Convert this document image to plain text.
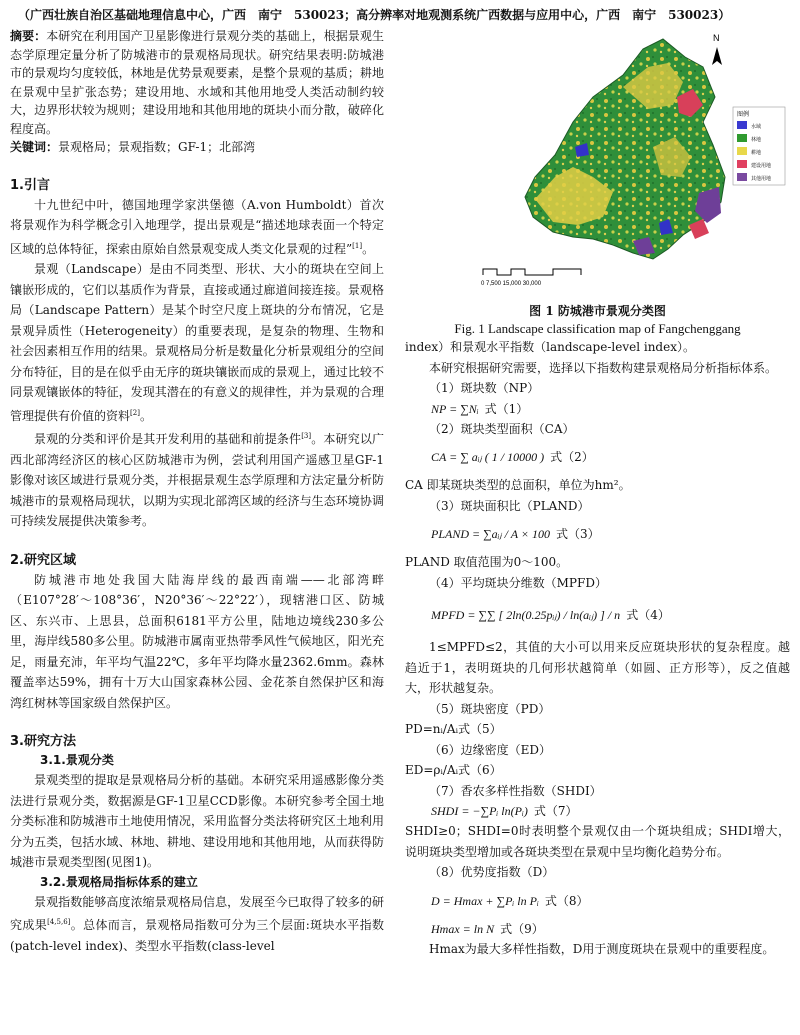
（广西壮族自治区基础地理信息中心，广西　南宁　530023；高分辨率对地观测系统广西数据与应用中心，广西　南宁　530023）

摘要：本研究在利用国产卫星影像进行景观分类的基础上，根据景观生态学原理定量分析了防城港市的景观格局现状。研究结果表明:防城港市的景观均匀度较低，林地是优势景观要素，是整个景观的基质；耕地在景观中呈扩张态势；建设用地、水域和其他用地受人类活动制约较大，边界形状较为规则；建设用地和其他用地的斑块小而分散，破碎化程度高。

关键词：景观格局；景观指数；GF-1；北部湾

1.引言

十九世纪中叶，德国地理学家洪堡德（A.von Humboldt）首次将景观作为科学概念引入地理学，提出景观是“描述地球表面一个特定区域的总体特征，探索由原始自然景观变成人类文化景观的过程”[1]。

景观（Landscape）是由不同类型、形状、大小的斑块在空间上镶嵌形成的，它们以基质作为背景，直接或通过廊道间接连接。景观格局（Landscape Pattern）是某个时空尺度上斑块的分布情况，它是景观异质性（Heterogeneity）的重要表现，是复杂的物理、生物和社会因素相互作用的结果。景观格局分析是数量化分析景观组分的空间分布特征，目的是在似乎由无序的斑块镶嵌而成的景观上，通过比较不同景观镶嵌体的特征，发现其潜在的有意义的规律性，并为景观的合理管理提供有价值的资料[2]。

景观的分类和评价是其开发利用的基础和前提条件[3]。本研究以广西北部湾经济区的核心区防城港市为例，尝试利用国产遥感卫星GF-1影像对该区域进行景观分类，并根据景观生态学原理和方法定量分析防城港市的景观格局现状，以期为实现北部湾区域的经济与生态环境协调可持续发展提供决策参考。

2.研究区域

防城港市地处我国大陆海岸线的最西南端——北部湾畔（E107°28′～108°36′，N20°36′～22°22′），现辖港口区、防城区、东兴市、上思县，总面积6181平方公里，陆地边境线230多公里，海岸线580多公里。防城港市属南亚热带季风性气候地区，阳光充足，雨量充沛，年平均气温22℃，多年平均降水量2362.6mm。森林覆盖率达59%，拥有十万大山国家森林公园、金花茶自然保护区和海湾红树林等国家级自然保护区。

3.研究方法
3.1.景观分类

景观类型的提取是景观格局分析的基础。本研究采用遥感影像分类法进行景观分类，数据源是GF-1卫星CCD影像。本研究参考全国土地分类标准和防城港市土地使用情况，采用监督分类法将研究区土地利用分为五类，包括水域、林地、耕地、建设用地和其他用地，从而获得防城港市景观类型图(见图1)。

3.2.景观格局指标体系的建立

景观指数能够高度浓缩景观格局信息，发展至今已取得了较多的研究成果[4,5,6]。总体而言，景观格局指数可分为三个层面:斑块水平指数(patch-level index)、类型水平指数(class-level

N
图例
水域
林地
耕地
建设用地
其他用地
0 7,500 15,000 30,000
图 1 防城港市景观分类图
Fig. 1 Landscape classification map of Fangchenggang

index）和景观水平指数（landscape-level index）。

本研究根据研究需要，选择以下指数构建景观格局分析指标体系。

（1）斑块数（NP）

NP = ∑Nᵢ 式（1）

（2）斑块类型面积（CA）

CA = ∑ aᵢⱼ ( 1 / 10000 ) 式（2）

CA 即某斑块类型的总面积，单位为hm²。

（3）斑块面积比（PLAND）

PLAND = ∑aᵢⱼ / A × 100 式（3）

PLAND 取值范围为0～100。

（4）平均斑块分维数（MPFD）

MPFD = ∑∑ [ 2ln(0.25pᵢⱼ) / ln(aᵢⱼ) ] / n 式（4）

1≤MPFD≤2，其值的大小可以用来反应斑块形状的复杂程度。越趋近于1，表明斑块的几何形状越简单（如圆、正方形等），反之值越大，形状越复杂。

（5）斑块密度（PD）

PD=nᵢ/Aᵢ式（5）

（6）边缘密度（ED）

ED=ρᵢ/Aᵢ式（6）

（7）香农多样性指数（SHDI）

SHDI = −∑Pᵢ ln(Pᵢ) 式（7）

SHDI≥0；SHDI=0时表明整个景观仅由一个斑块组成；SHDI增大，说明斑块类型增加或各斑块类型在景观中呈均衡化趋势分布。

（8）优势度指数（D）

D = Hmax + ∑Pᵢ ln Pᵢ 式（8）
Hmax = ln N 式（9）

Hmax为最大多样性指数，D用于测度斑块在景观中的重要程度。
